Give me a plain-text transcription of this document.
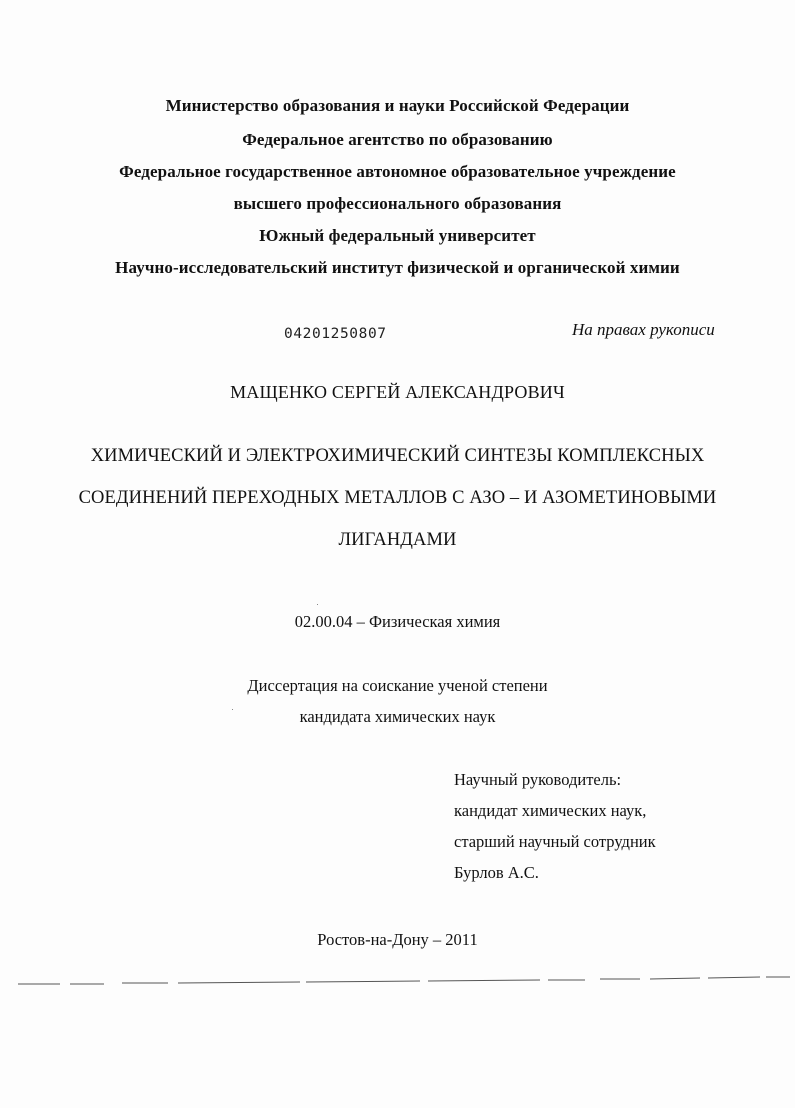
Министерство образования и науки Российской Федерации
Федеральное агентство по образованию
Федеральное государственное автономное образовательное учреждение
высшего профессионального образования
Южный федеральный университет
Научно-исследовательский институт физической и органической химии
04201250807	На правах рукописи
МАЩЕНКО СЕРГЕЙ АЛЕКСАНДРОВИЧ
ХИМИЧЕСКИЙ И ЭЛЕКТРОХИМИЧЕСКИЙ СИНТЕЗЫ КОМПЛЕКСНЫХ
СОЕДИНЕНИЙ ПЕРЕХОДНЫХ МЕТАЛЛОВ С АЗО – И АЗОМЕТИНОВЫМИ
ЛИГАНДАМИ
02.00.04 – Физическая химия
Диссертация на соискание ученой степени
кандидата химических наук
Научный руководитель:
кандидат химических наук,
старший научный сотрудник
Бурлов А.С.
Ростов-на-Дону – 2011
